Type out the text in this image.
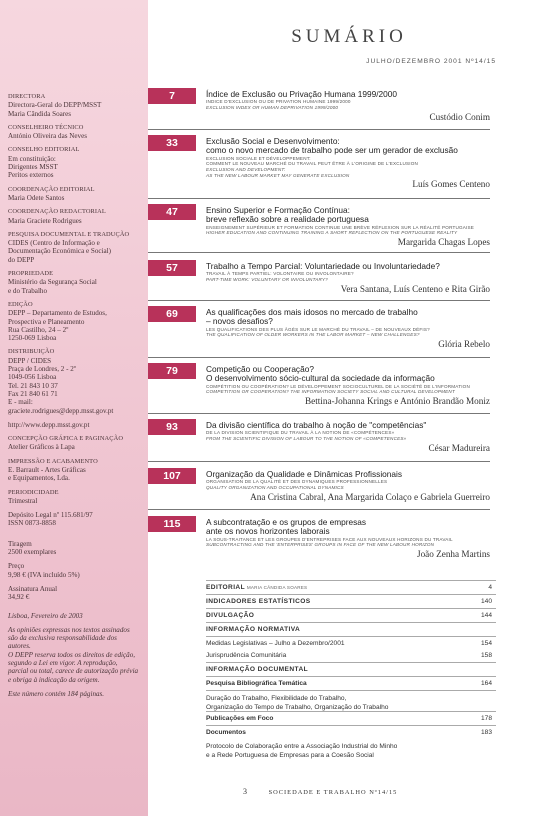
DIRECTORA
Directora-Geral do DEPP/MSST
Maria Cândida Soares
CONSELHEIRO TÉCNICO
António Oliveira das Neves
CONSELHO EDITORIAL
Em constituição:
Dirigentes MSST
Peritos externos
COORDENAÇÃO EDITORIAL
Maria Odete Santos
COORDENAÇÃO REDACTORIAL
Maria Graciete Rodrigues
PESQUISA DOCUMENTAL E TRADUÇÃO
CIDES (Centro de Informação e
Documentação Económica e Social)
do DEPP
PROPRIEDADE
Ministério da Segurança Social
e do Trabalho
EDIÇÃO
DEPP – Departamento de Estudos,
Prospectiva e Planeamento
Rua Castilho, 24 – 2º
1250-069 Lisboa
DISTRIBUIÇÃO
DEPP / CIDES
Praça de Londres, 2 - 2º
1049-056 Lisboa
Tel. 21 843 10 37
Fax 21 840 61 71
E - mail:
graciete.rodrigues@depp.msst.gov.pt
http://www.depp.msst.gov.pt
CONCEPÇÃO GRÁFICA E PAGINAÇÃO
Atelier Gráficos à Lapa
IMPRESSÃO E ACABAMENTO
E. Barrault - Artes Gráficas
e Equipamentos, Lda.
PERIODICIDADE
Trimestral
Depósito Legal nº 115.681/97
ISSN 0873-8858
Tiragem
2500 exemplares
Preço
9,98 € (IVA incluído 5%)
Assinatura Anual
34,92 €
Lisboa, Fevereiro de 2003
As opiniões expressas nos textos assinados
são da exclusiva responsabilidade dos
autores.
O DEPP reserva todos os direitos de edição,
segundo a Lei em vigor. A reprodução,
parcial ou total, carece de autorização prévia
e obriga à indicação da origem.
Este número contém 184 páginas.
SUMÁRIO
JULHO/DEZEMBRO 2001 Nº14/15
7	Índice de Exclusão ou Privação Humana 1999/2000
INDICE D'EXCLUSION OU DE PRIVATION HUMAINE 1999/2000
EXCLUSION INDEX OR HUMAN DEPRIVATION 1999/2000
Custódio Conim
33	Exclusão Social e Desenvolvimento:
como o novo mercado de trabalho pode ser um gerador de exclusão
EXCLUSION SOCIALE ET DÉVELOPPEMENT:
COMMENT LE NOUVEAU MARCHÉ DU TRAVAIL PEUT ÊTRE À L'ORIGINE DE L'EXCLUSION
EXCLUSION AND DEVELOPMENT:
AS THE NEW LABOUR MARKET MAY GENERATE EXCLUSION
Luís Gomes Centeno
47	Ensino Superior e Formação Contínua:
breve reflexão sobre a realidade portuguesa
ENSEIGNEMENT SUPÉRIEUR ET FORMATION CONTINUE UNE BRÈVE RÉFLEXION SUR LA RÉALITÉ PORTUGAISE
HIGHER EDUCATION AND CONTINUING TRAINING A SHORT REFLECTION ON THE PORTUGUESE REALITY
Margarida Chagas Lopes
57	Trabalho a Tempo Parcial: Voluntariedade ou Involuntariedade?
TRAVAIL À TEMPS PARTIEL: VOLONTAIRE OU INVOLONTAIRE?
PART-TIME WORK: VOLUNTARY OR INVOLUNTARY?
Vera Santana, Luís Centeno e Rita Girão
69	As qualificações dos mais idosos no mercado de trabalho
– novos desafios?
LES QUALIFICATIONS DES PLUS ÂGÉS SUR LE MARCHÉ DU TRAVAIL – DE NOUVEAUX DÉFIS?
THE QUALIFICATION OF OLDER WORKERS IN THE LABOR MARKET – NEW CHALLENGES?
Glória Rebelo
79	Competição ou Cooperação?
O desenvolvimento sócio-cultural da sociedade da informação
COMPÉTITION OU COOPÉRATION? LE DÉVELOPPEMENT SOCIOCULTUREL DE LA SOCIÉTÉ DE L'INFORMATION
COMPETITION OR COOPERATION? THE INFORMATION SOCIETY SOCIAL AND CULTURAL DEVELOPMENT
Bettina-Johanna Krings e António Brandão Moniz
93	Da divisão científica do trabalho à noção de "competências"
DE LA DIVISION SCIENTIFIQUE DU TRAVAIL À LA NOTION DE «COMPÉTENCES»
FROM THE SCIENTIFIC DIVISION OF LABOUR TO THE NOTION OF «COMPETENCES»
César Madureira
107	Organização da Qualidade e Dinâmicas Profissionais
ORGANISATION DE LA QUALITÉ ET DES DYNAMIQUES PROFESSIONNELLES
QUALITY ORGANIZATION AND OCCUPATIONAL DYNAMICS
Ana Cristina Cabral, Ana Margarida Colaço e Gabriela Guerreiro
115	A subcontratação e os grupos de empresas
ante os novos horizontes laborais
LA SOUS-TRAITANCE ET LES GROUPES D'ENTREPRISES FACE AUX NOUVEAUX HORIZONS DU TRAVAIL
SUBCONTRACTING AND THE 'ENTERPRISES' GROUPS IN FACE OF THE NEW LABOUR HORIZON
João Zenha Martins
EDITORIAL MARIA CÂNDIDA SOARES	4
INDICADORES ESTATÍSTICOS	140
DIVULGAÇÃO	144
INFORMAÇÃO NORMATIVA
Medidas Legislativas – Julho a Dezembro/2001	154
Jurisprudência Comunitária	158
INFORMAÇÃO DOCUMENTAL
Pesquisa Bibliográfica Temática	164
Duração do Trabalho, Flexibilidade do Trabalho,
Organização do Tempo de Trabalho, Organização do Trabalho
Publicações em Foco	178
Documentos	183
Protocolo de Colaboração entre a Associação Industrial do Minho
e a Rede Portuguesa de Empresas para a Coesão Social
3	SOCIEDADE E TRABALHO Nº14/15
